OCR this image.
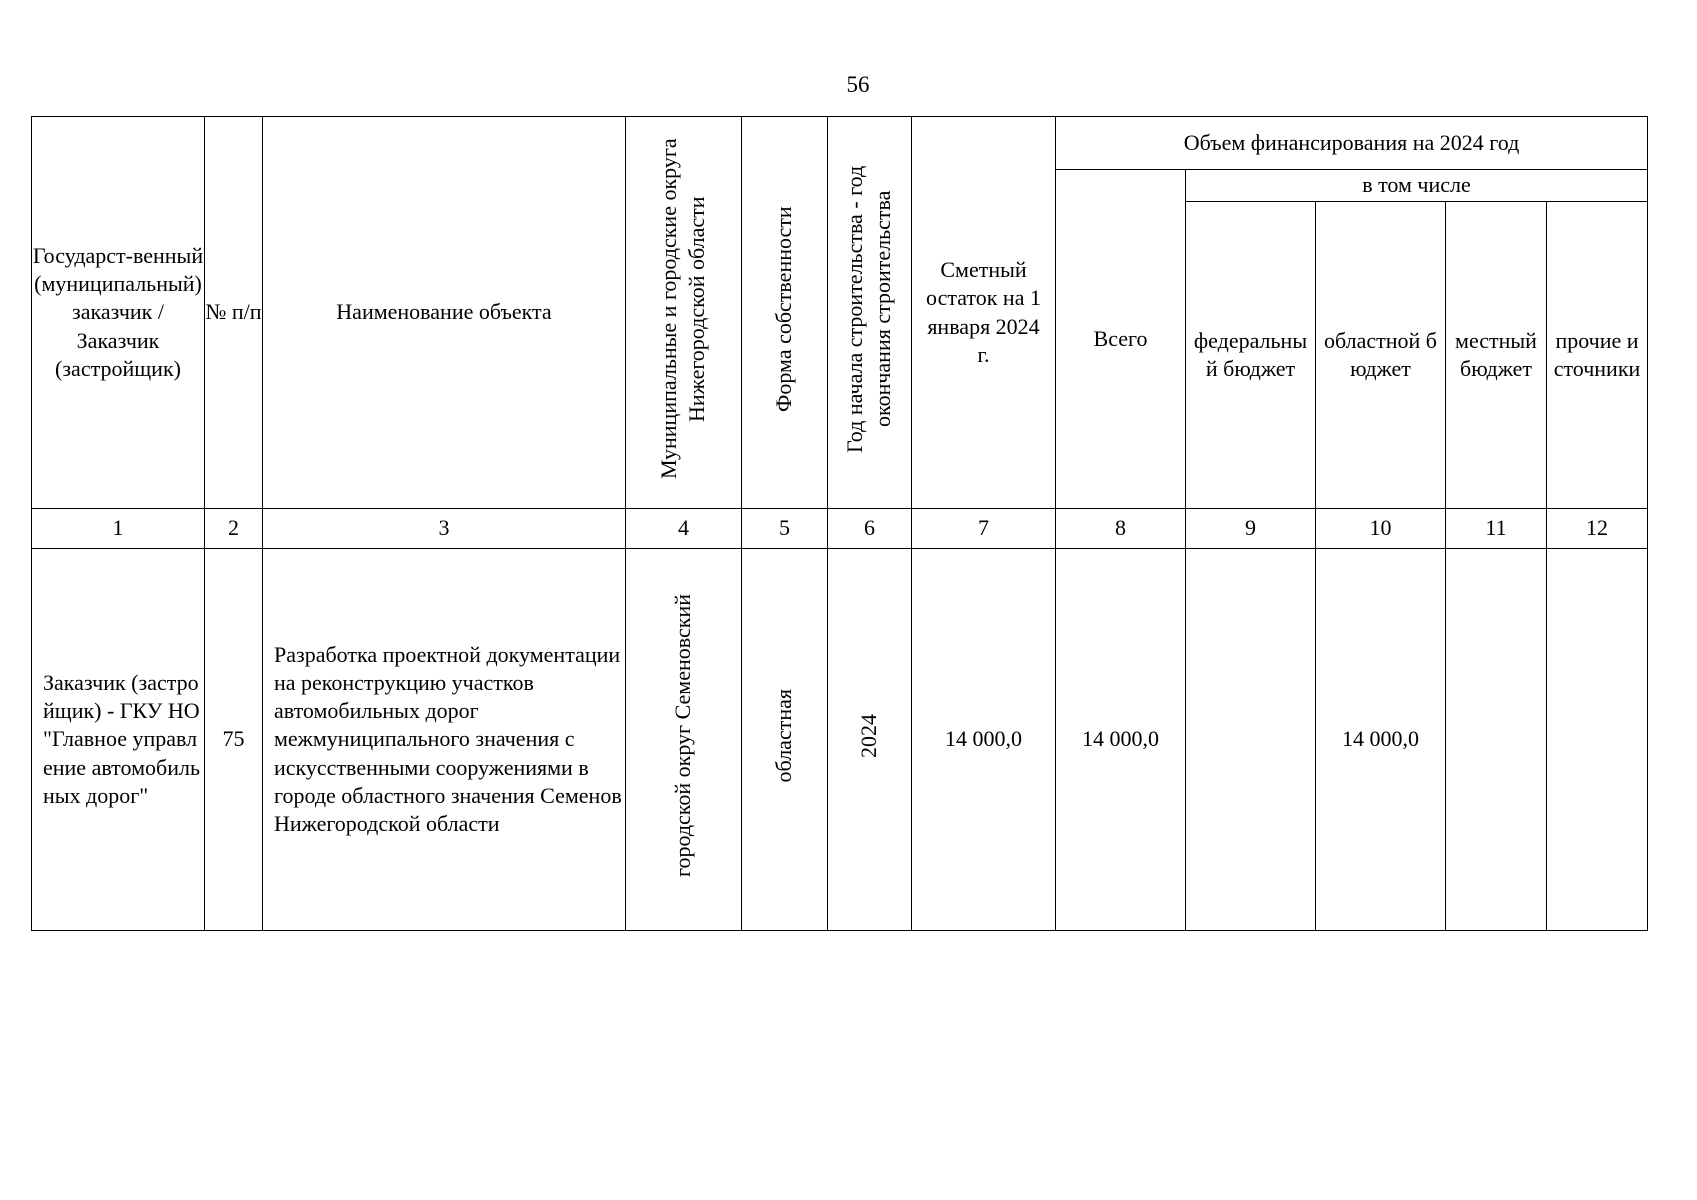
56
Государст-венный (муниципальный) заказчик / Заказчик (застройщик)	№ п/п	Наименование объекта	Муниципальные и городские округа Нижегородской области	Форма собственности	Год начала строительства - год окончания строительства	Сметный остаток на 1 января 2024 г.	Объем финансирования на 2024 год				
							Всего	в том числе			
								федеральный бюджет	областной бюджет	местный бюджет	прочие источники
1	2	3	4	5	6	7	8	9	10	11	12
Заказчик (застройщик) - ГКУ НО "Главное управление автомобильных дорог"	75	Разработка проектной документации на реконструкцию участков автомобильных дорог межмуниципального значения с искусственными сооружениями в городе областного значения Семенов Нижегородской области	городской округ Семеновский	областная	2024	14 000,0	14 000,0		14 000,0		
